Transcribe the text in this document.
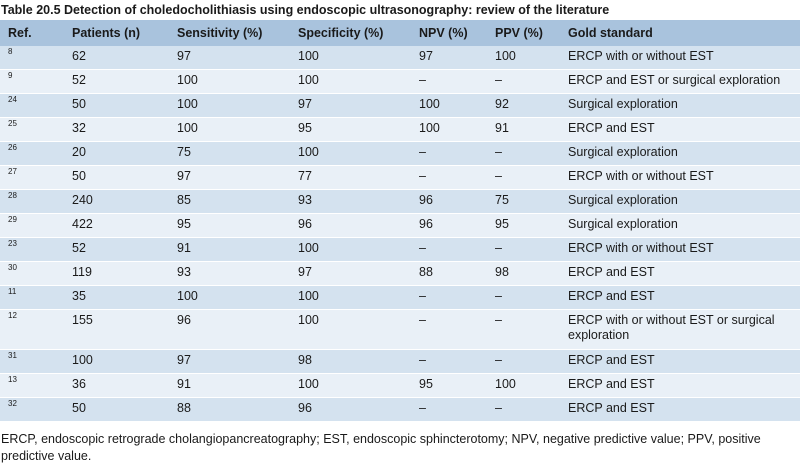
Table 20.5 Detection of choledocholithiasis using endoscopic ultrasonography: review of the literature
Ref.	Patients (n)	Sensitivity (%)	Specificity (%)	NPV (%)	PPV (%)	Gold standard
8	62	97	100	97	100	ERCP with or without EST
9	52	100	100	–	–	ERCP and EST or surgical exploration
24	50	100	97	100	92	Surgical exploration
25	32	100	95	100	91	ERCP and EST
26	20	75	100	–	–	Surgical exploration
27	50	97	77	–	–	ERCP with or without EST
28	240	85	93	96	75	Surgical exploration
29	422	95	96	96	95	Surgical exploration
23	52	91	100	–	–	ERCP with or without EST
30	119	93	97	88	98	ERCP and EST
11	35	100	100	–	–	ERCP and EST
12	155	96	100	–	–	ERCP with or without EST or surgical exploration
31	100	97	98	–	–	ERCP and EST
13	36	91	100	95	100	ERCP and EST
32	50	88	96	–	–	ERCP and EST
ERCP, endoscopic retrograde cholangiopancreatography; EST, endoscopic sphincterotomy; NPV, negative predictive value; PPV, positive predictive value.
